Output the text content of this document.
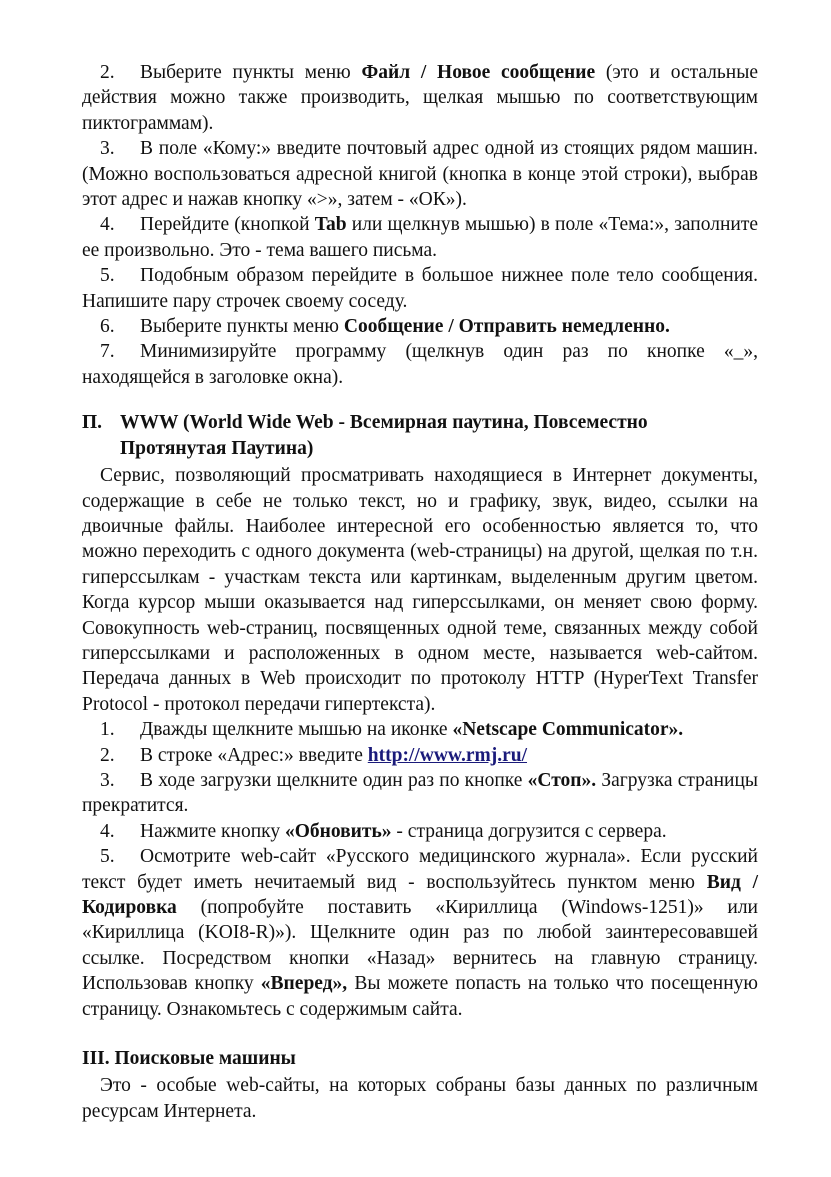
2. Выберите пункты меню Файл / Новое сообщение (это и остальные действия можно также производить, щелкая мышью по соответствующим пиктограммам).

3. В поле «Кому:» введите почтовый адрес одной из стоящих рядом машин. (Можно воспользоваться адресной книгой (кнопка в конце этой строки), выбрав этот адрес и нажав кнопку «>», затем - «ОК»).

4. Перейдите (кнопкой Tab или щелкнув мышью) в поле «Тема:», заполните ее произвольно. Это - тема вашего письма.

5. Подобным образом перейдите в большое нижнее поле тело сообщения. Напишите пару строчек своему соседу.

6. Выберите пункты меню Сообщение / Отправить немедленно.

7. Минимизируйте программу (щелкнув один раз по кнопке «_», находящейся в заголовке окна).

П. WWW (World Wide Web - Всемирная паутина, Повсеместно
Протянутая Паутина)

Сервис, позволяющий просматривать находящиеся в Интернет документы, содержащие в себе не только текст, но и графику, звук, видео, ссылки на двоичные файлы. Наиболее интересной его особенностью является то, что можно переходить с одного документа (web-страницы) на другой, щелкая по т.н. гиперссылкам - участкам текста или картинкам, выделенным другим цветом. Когда курсор мыши оказывается над гиперссылками, он меняет свою форму. Совокупность web-страниц, посвященных одной теме, связанных между собой гиперссылками и расположенных в одном месте, называется web-сайтом. Передача данных в Web происходит по протоколу HTTP (HyperText Transfer Protocol - протокол передачи гипертекста).

1. Дважды щелкните мышью на иконке «Netscape Communicator».

2. В строке «Адрес:» введите http://www.rmj.ru/

3. В ходе загрузки щелкните один раз по кнопке «Стоп». Загрузка страницы прекратится.

4. Нажмите кнопку «Обновить» - страница догрузится с сервера.

5. Осмотрите web-сайт «Русского медицинского журнала». Если русский текст будет иметь нечитаемый вид - воспользуйтесь пунктом меню Вид / Кодировка (попробуйте поставить «Кириллица (Windows-1251)» или «Кириллица (KOI8-R)»). Щелкните один раз по любой заинтересовавшей ссылке. Посредством кнопки «Назад» вернитесь на главную страницу. Использовав кнопку «Вперед», Вы можете попасть на только что посещенную страницу. Ознакомьтесь с содержимым сайта.

III. Поисковые машины

Это - особые web-сайты, на которых собраны базы данных по различным ресурсам Интернета.
